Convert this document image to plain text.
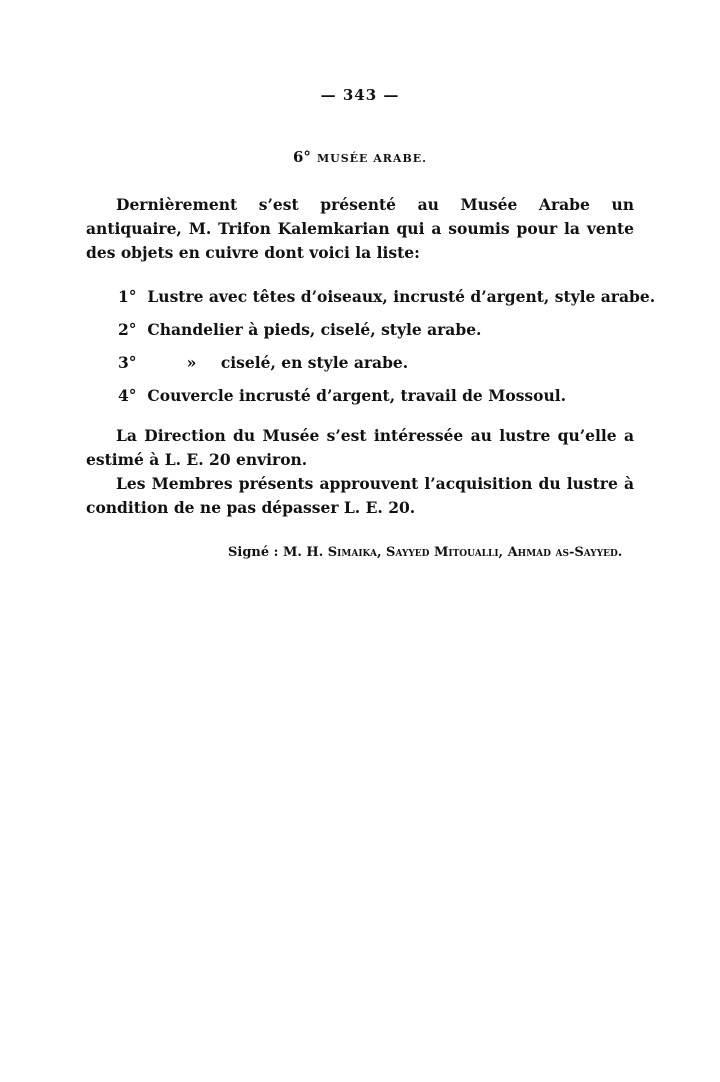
— 343 —
6° MUSÉE ARABE.
Dernièrement s’est présenté au Musée Arabe un antiquaire, M. Trifon Kalemkarian qui a soumis pour la vente des objets en cuivre dont voici la liste:
1° Lustre avec têtes d’oiseaux, incrusté d’argent, style arabe.
2° Chandelier à pieds, ciselé, style arabe.
3°	» ciselé, en style arabe.
4° Couvercle incrusté d’argent, travail de Mossoul.
La Direction du Musée s’est intéressée au lustre qu’elle a estimé à L. E. 20 environ.
Les Membres présents approuvent l’acquisition du lustre à condition de ne pas dépasser L. E. 20.
Signé : M. H. Simaika, Sayyed Mitoualli, Ahmad as-Sayyed.
